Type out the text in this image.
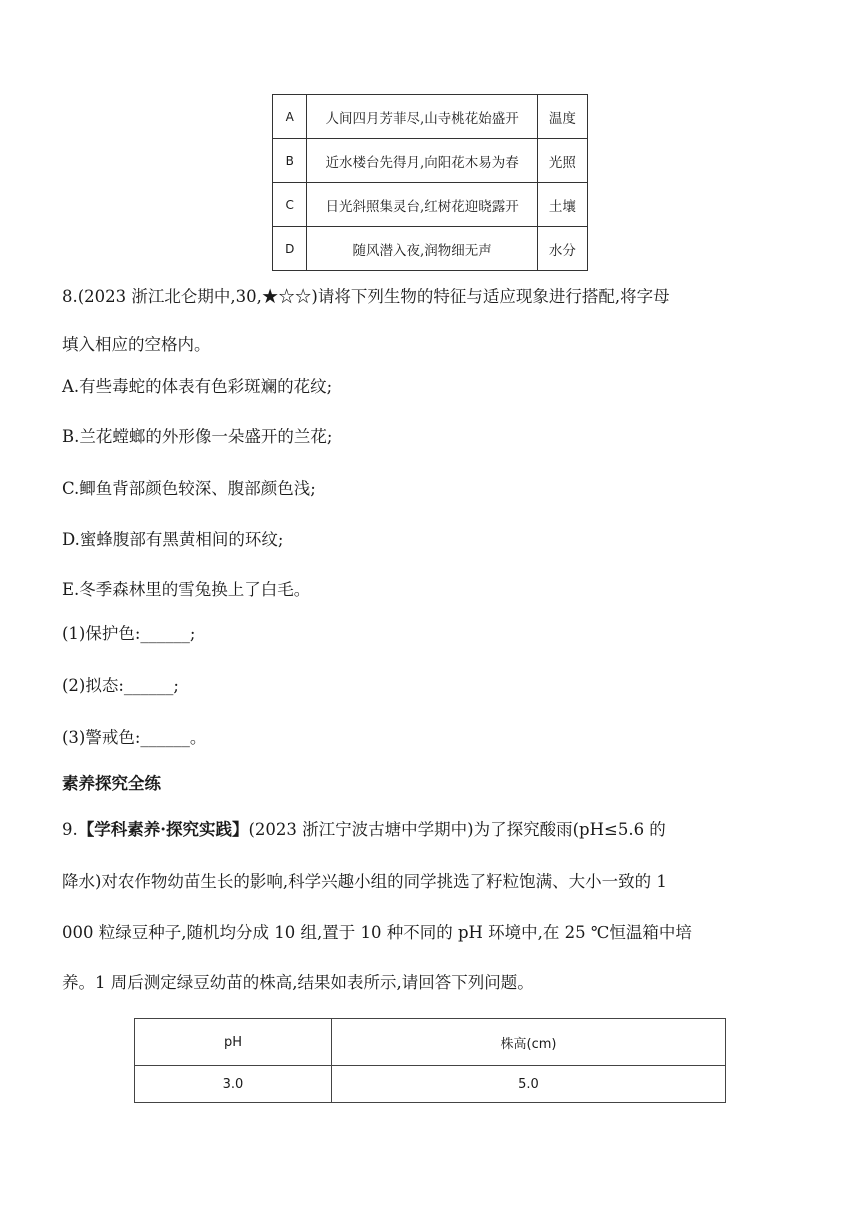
A	人间四月芳菲尽,山寺桃花始盛开	温度
B	近水楼台先得月,向阳花木易为春	光照
C	日光斜照集灵台,红树花迎晓露开	土壤
D	随风潜入夜,润物细无声	水分
8.(2023 浙江北仑期中,30,★☆☆)请将下列生物的特征与适应现象进行搭配,将字母
填入相应的空格内。
A.有些毒蛇的体表有色彩斑斓的花纹;
B.兰花螳螂的外形像一朵盛开的兰花;
C.鲫鱼背部颜色较深、腹部颜色浅;
D.蜜蜂腹部有黑黄相间的环纹;
E.冬季森林里的雪兔换上了白毛。
(1)保护色:______;
(2)拟态:______;
(3)警戒色:______。
素养探究全练
9.【学科素养·探究实践】(2023 浙江宁波古塘中学期中)为了探究酸雨(pH≤5.6 的
降水)对农作物幼苗生长的影响,科学兴趣小组的同学挑选了籽粒饱满、大小一致的 1
000 粒绿豆种子,随机均分成 10 组,置于 10 种不同的 pH 环境中,在 25 ℃恒温箱中培
养。1 周后测定绿豆幼苗的株高,结果如表所示,请回答下列问题。
pH	株高(cm)
3.0	5.0
